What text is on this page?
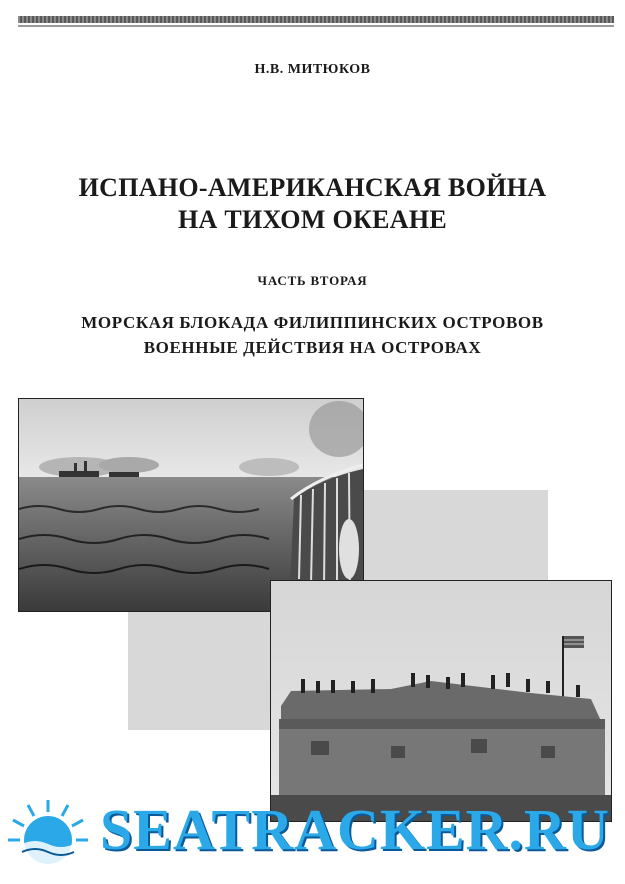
Н.В. МИТЮКОВ
ИСПАНО-АМЕРИКАНСКАЯ ВОЙНА
НА ТИХОМ ОКЕАНЕ
ЧАСТЬ ВТОРАЯ
МОРСКАЯ БЛОКАДА ФИЛИППИНСКИХ ОСТРОВОВ
ВОЕННЫЕ ДЕЙСТВИЯ НА ОСТРОВАХ
SEATRACKER.RU
